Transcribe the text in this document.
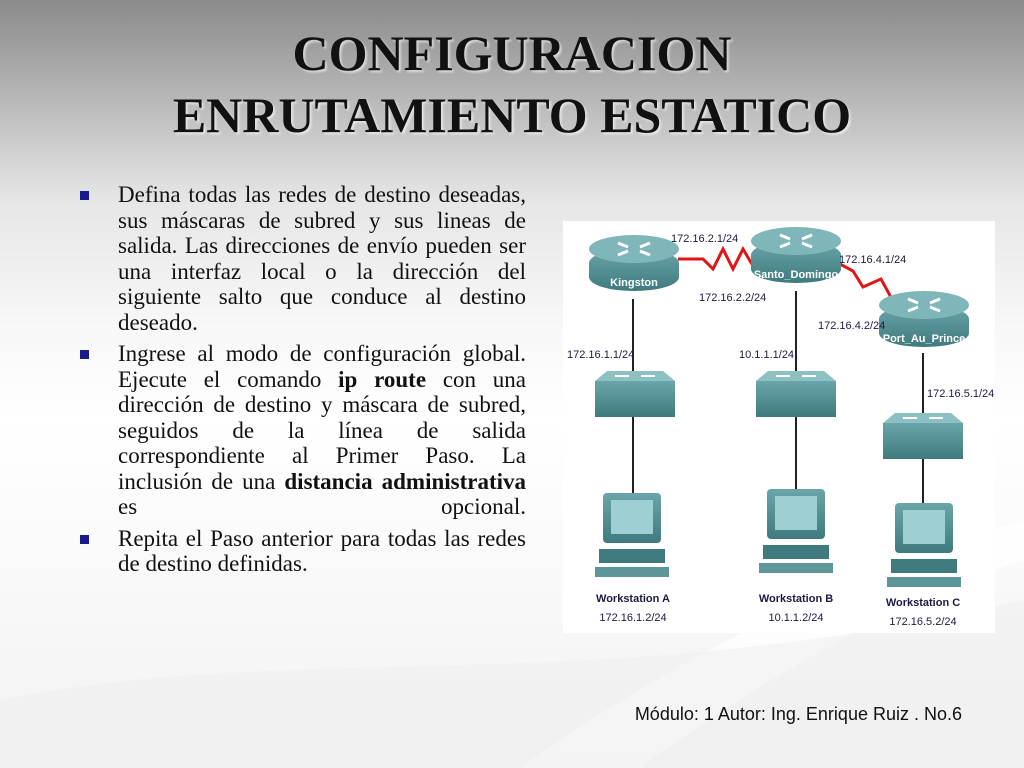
CONFIGURACION
ENRUTAMIENTO ESTATICO
Defina todas las redes de destino deseadas, sus máscaras de subred y sus lineas de salida. Las direcciones de envío pueden ser una interfaz local o la dirección del siguiente salto que conduce al destino deseado.
Ingrese al modo de configuración global. Ejecute el comando ip route con una dirección de destino y máscara de subred, seguidos de la línea de salida correspondiente al Primer Paso. La inclusión de una distancia administrativa es opcional.
Repita el Paso anterior para todas las redes de destino definidas.
Kingston
Santo_Domingo
Port_Au_Prince
172.16.2.1/24
172.16.2.2/24
172.16.4.1/24
172.16.4.2/24
172.16.1.1/24	10.1.1.1/24
172.16.5.1/24
Workstation A
172.16.1.2/24
Workstation B
10.1.1.2/24
Workstation C
172.16.5.2/24
Módulo: 1 Autor: Ing. Enrique Ruiz . No.6
